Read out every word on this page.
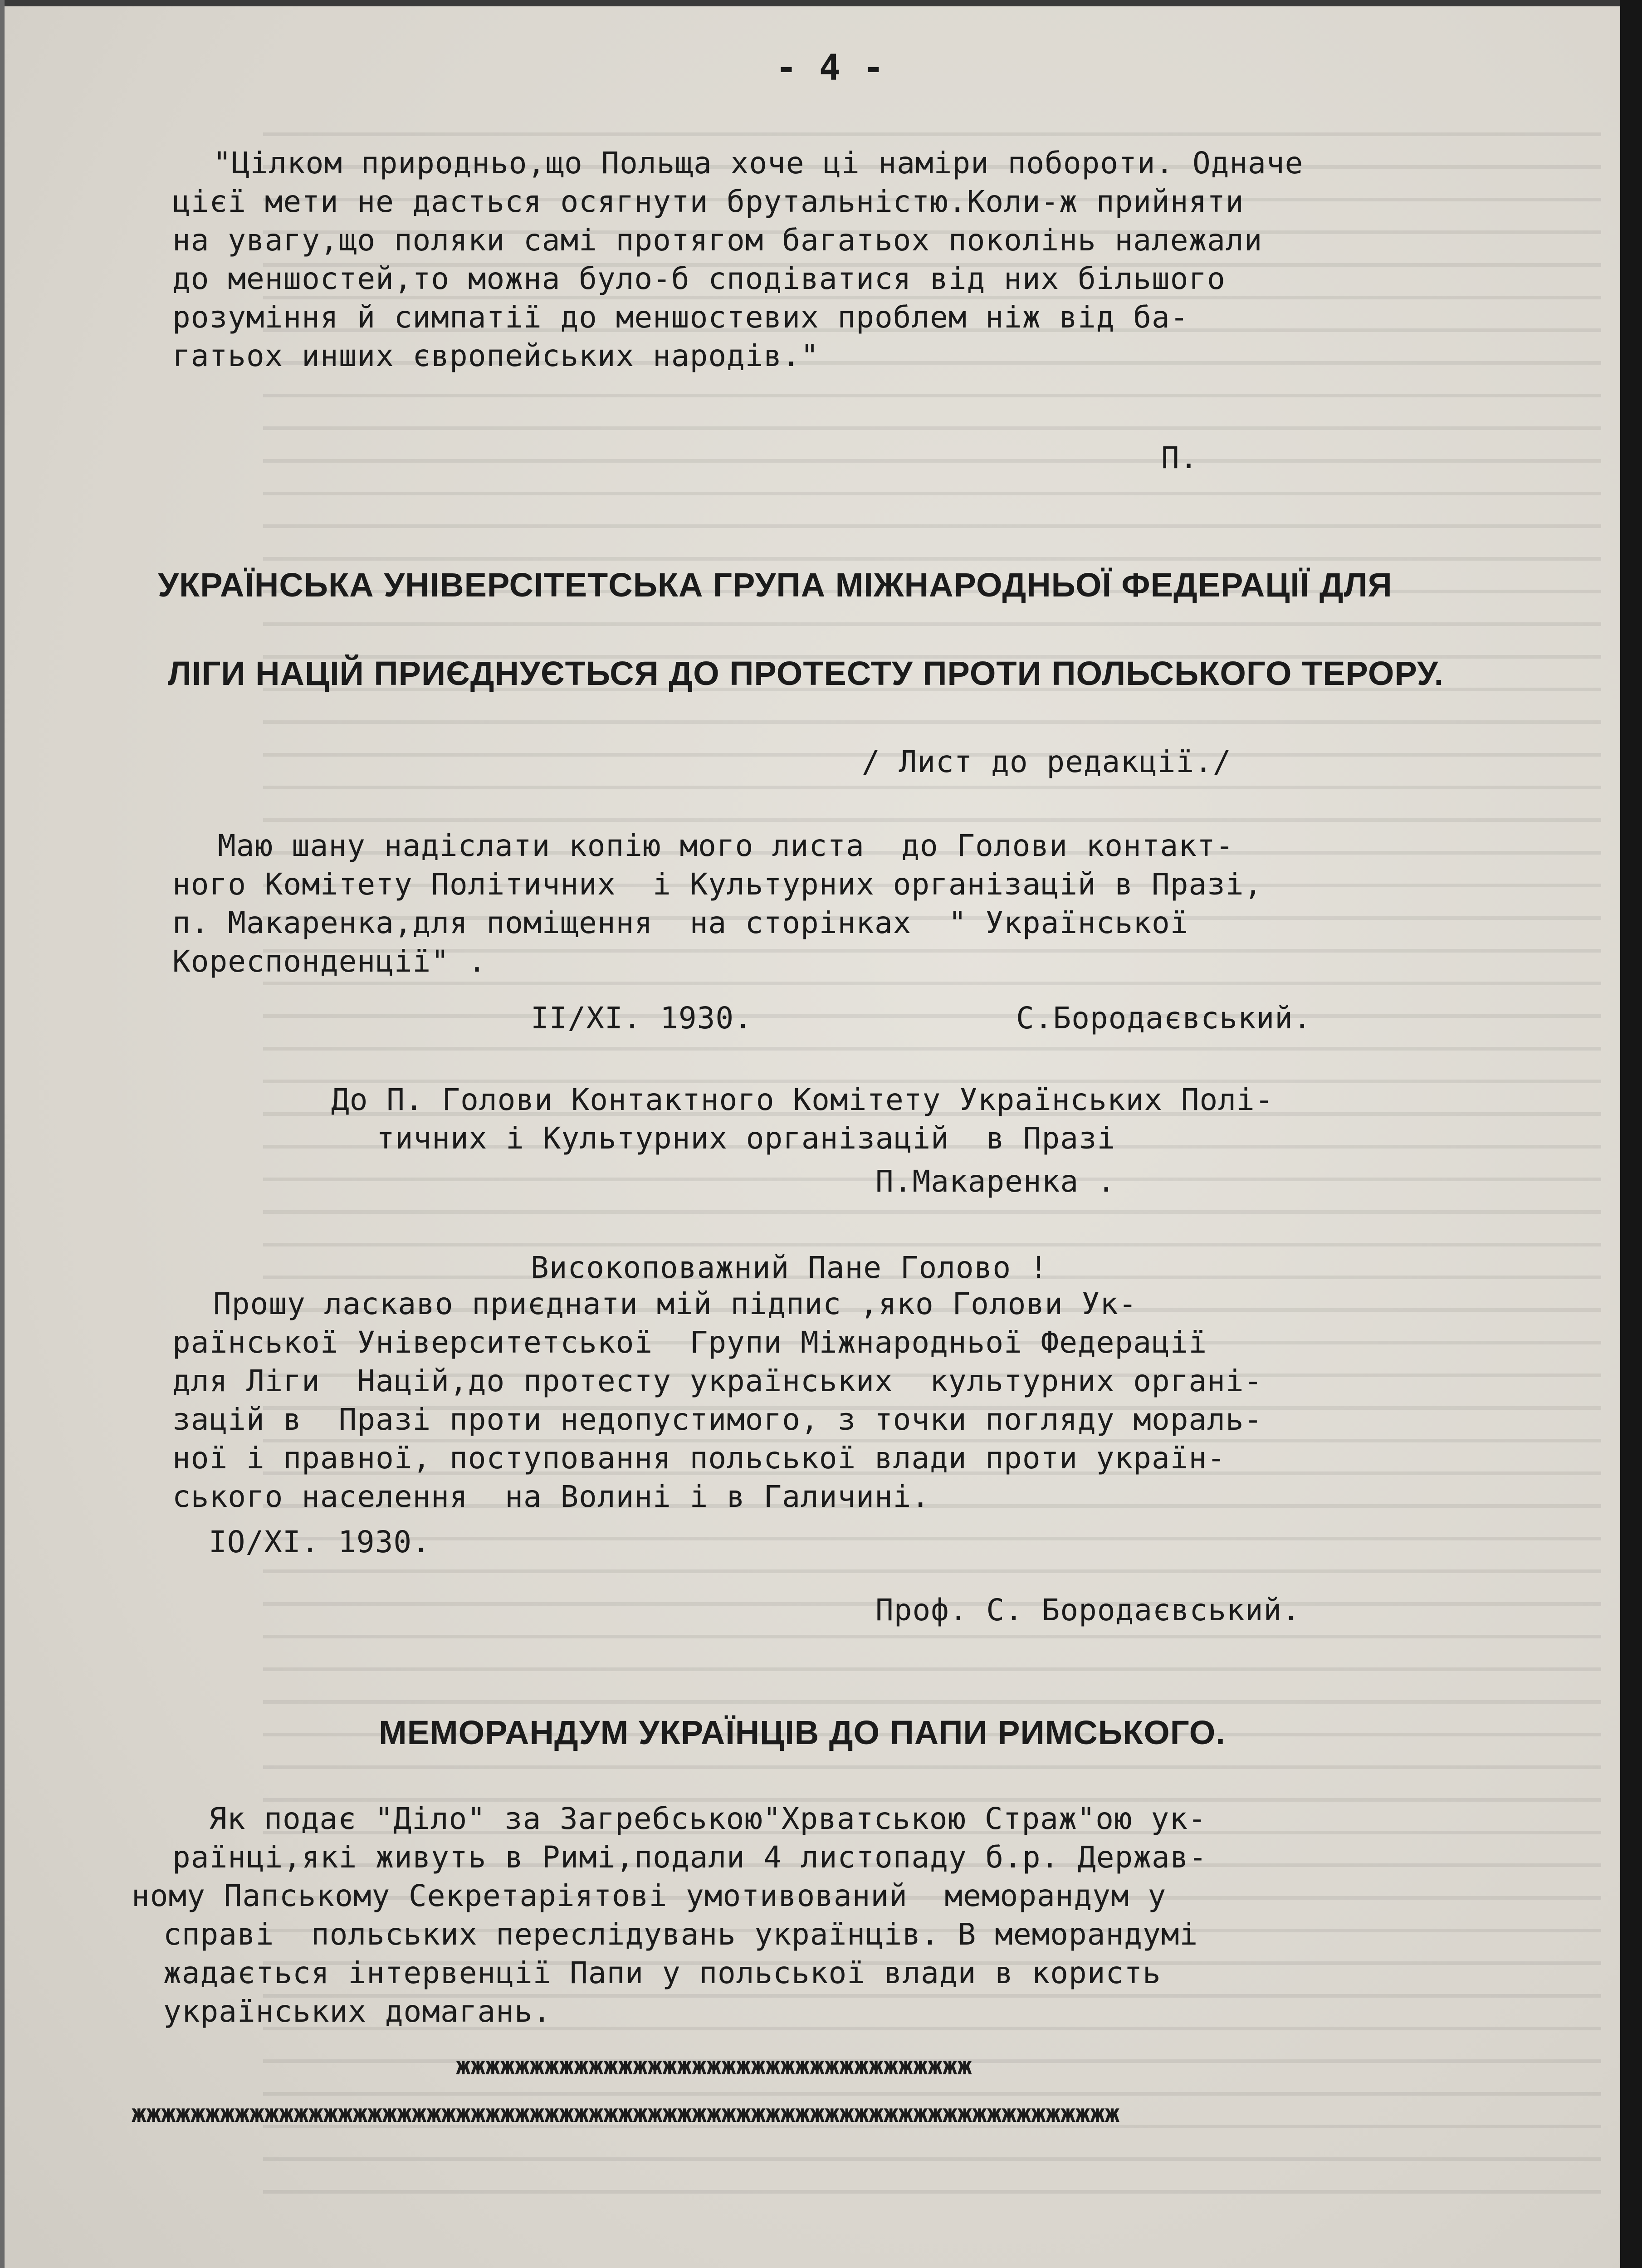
- 4 -
"Цілком природньо,що Польща хоче ці наміри побороти. Одначе
цієї мети не дасться осягнути брутальністю.Коли-ж прийняти
на увагу,що поляки самі протягом багатьох поколінь належали
до меншостей,то можна було-б сподіватися від них більшого
розуміння й симпатії до меншостевих проблем ніж від ба-
гатьох инших європейських народів."
П.
УКРАЇНСЬКА УНІВЕРСІТЕТСЬКА ГРУПА МІЖНАРОДНЬОЇ ФЕДЕРАЦІЇ ДЛЯ
ЛІГИ НАЦІЙ ПРИЄДНУЄТЬСЯ ДО ПРОТЕСТУ ПРОТИ ПОЛЬСЬКОГО ТЕРОРУ.
/ Лист до редакції./
Маю шану надіслати копію мого листа  до Голови контакт-
ного Комітету Політичних  і Культурних організацій в Празі,
п. Макаренка,для поміщення  на сторінках  " Української
Кореспонденції" .
II/XI. 1930.	С.Бородаєвський.
До П. Голови Контактного Комітету Українських Полі-
тичних і Культурних організацій  в Празі
П.Макаренка .
Високоповажний Пане Голово !
Прошу ласкаво приєднати мій підпис ,яко Голови Ук-
раїнської Університетської  Групи Міжнародньої Федерації
для Ліги  Націй,до протесту українських  культурних органі-
зацій в  Празі проти недопустимого, з точки погляду мораль-
ної і правної, поступовання польської влади проти україн-
ського населення  на Волині і в Галичині.
IO/XI. 1930.
Проф. С. Бородаєвський.
МЕМОРАНДУМ УКРАЇНЦІВ ДО ПАПИ РИМСЬКОГО.
Як подає "Діло" за Загребською"Хрватською Страж"ою ук-
раїнці,які живуть в Римі,подали 4 листопаду б.р. Держав-
ному Папському Секретаріятові умотивований  меморандум у
справі  польських переслідувань українців. В меморандумі
жадається інтервенції Папи у польської влади в користь
українських домагань.
жжжжжжжжжжжжжжжжжжжжжжжжжжжжжжжжжжж
жжжжжжжжжжжжжжжжжжжжжжжжжжжжжжжжжжжжжжжжжжжжжжжжжжжжжжжжжжжжжжжжжжж
